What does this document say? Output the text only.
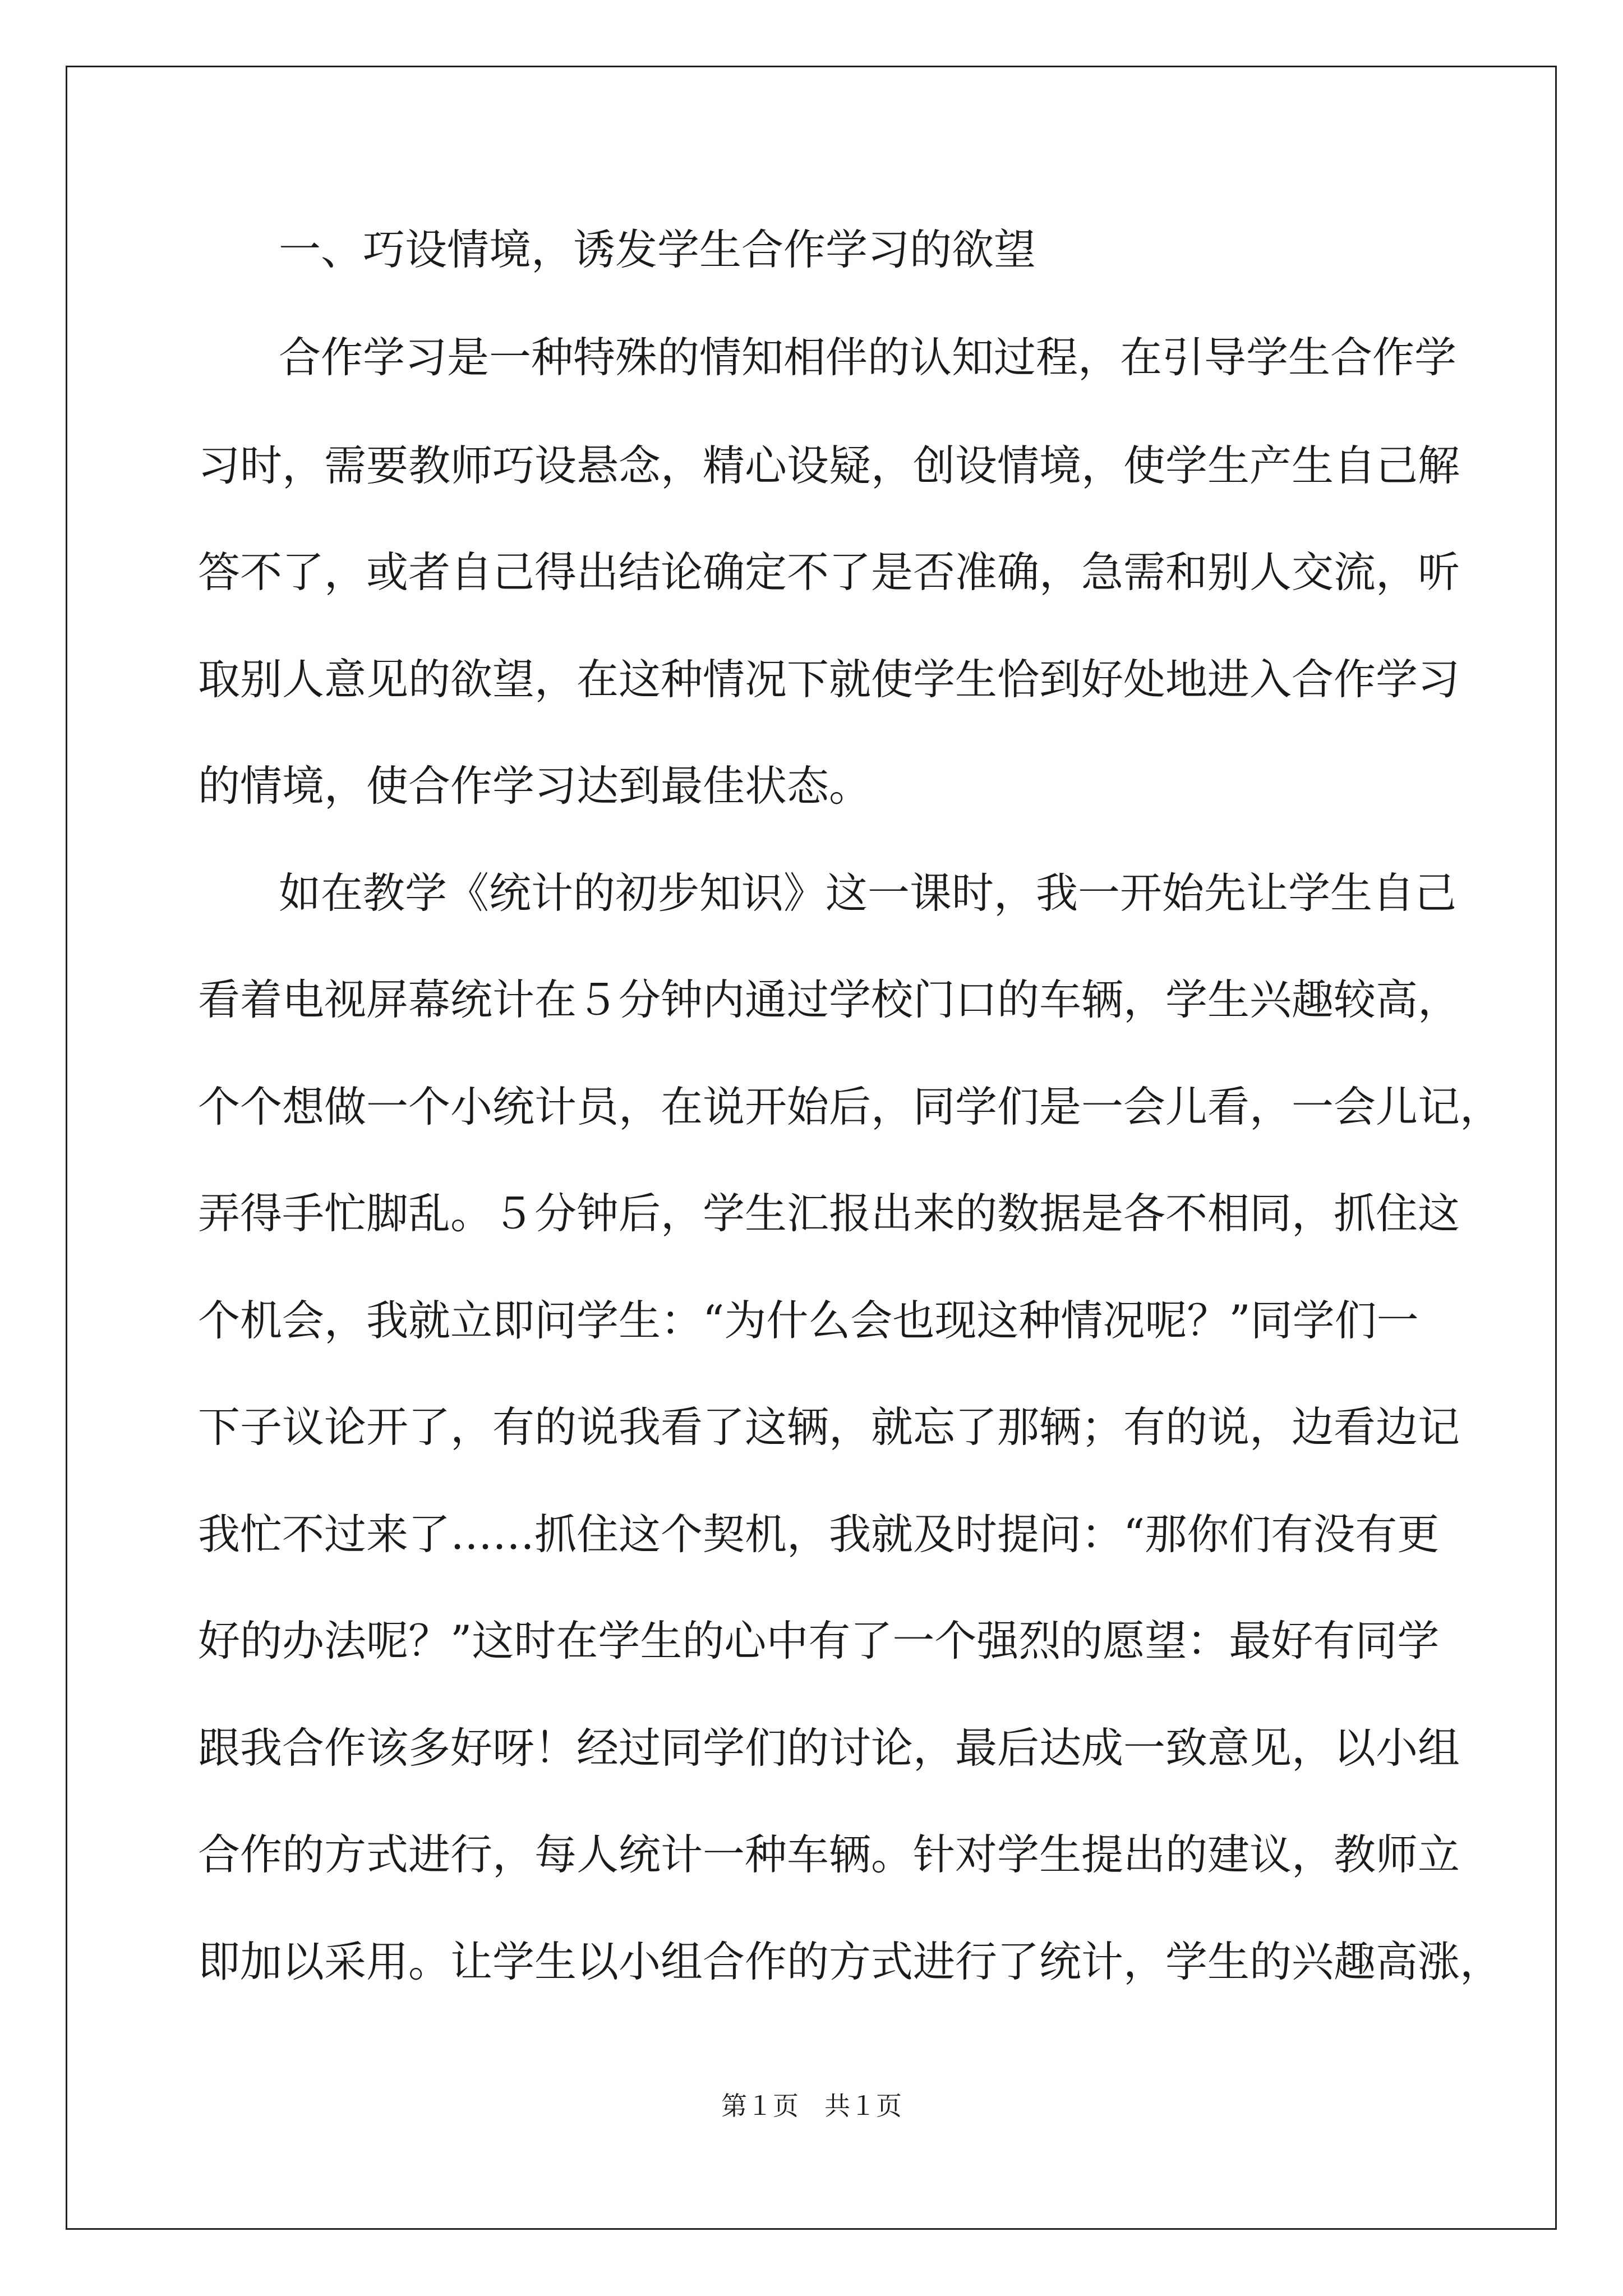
一、巧设情境，诱发学生合作学习的欲望

合作学习是一种特殊的情知相伴的认知过程，在引导学生合作学

习时，需要教师巧设悬念，精心设疑，创设情境，使学生产生自己解

答不了，或者自己得出结论确定不了是否准确，急需和别人交流，听

取别人意见的欲望，在这种情况下就使学生恰到好处地进入合作学习

的情境，使合作学习达到最佳状态。

如在教学《统计的初步知识》这一课时，我一开始先让学生自己

看着电视屏幕统计在５分钟内通过学校门口的车辆，学生兴趣较高，

个个想做一个小统计员，在说开始后，同学们是一会儿看，一会儿记，

弄得手忙脚乱。５分钟后，学生汇报出来的数据是各不相同，抓住这

个机会，我就立即问学生：“为什么会也现这种情况呢？”同学们一

下子议论开了，有的说我看了这辆，就忘了那辆；有的说，边看边记

我忙不过来了……抓住这个契机，我就及时提问：“那你们有没有更

好的办法呢？”这时在学生的心中有了一个强烈的愿望：最好有同学

跟我合作该多好呀！经过同学们的讨论，最后达成一致意见，以小组

合作的方式进行，每人统计一种车辆。针对学生提出的建议，教师立

即加以采用。让学生以小组合作的方式进行了统计，学生的兴趣高涨，

第１页　共１页
